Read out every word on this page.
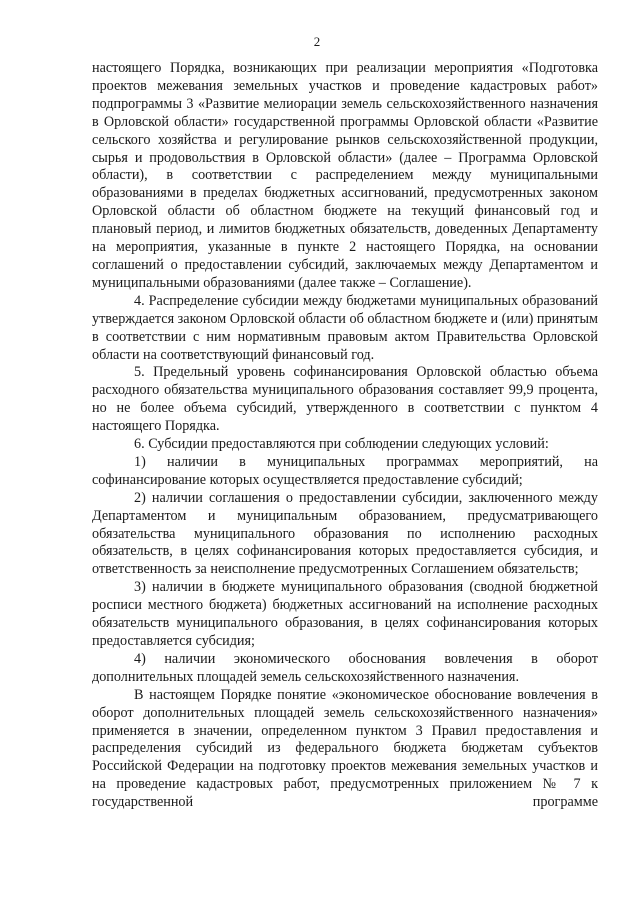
2

настоящего Порядка, возникающих при реализации мероприятия «Подготовка проектов межевания земельных участков и проведение кадастровых работ» подпрограммы 3 «Развитие мелиорации земель сельскохозяйственного назначения в Орловской области» государственной программы Орловской области «Развитие сельского хозяйства и регулирование рынков сельскохозяйственной продукции, сырья и продовольствия в Орловской области» (далее – Программа Орловской области), в соответствии с распределением между муниципальными образованиями в пределах бюджетных ассигнований, предусмотренных законом Орловской области об областном бюджете на текущий финансовый год и плановый период, и лимитов бюджетных обязательств, доведенных Департаменту на мероприятия, указанные в пункте 2 настоящего Порядка, на основании соглашений о предоставлении субсидий, заключаемых между Департаментом и муниципальными образованиями (далее также – Соглашение).

4. Распределение субсидии между бюджетами муниципальных образований утверждается законом Орловской области об областном бюджете и (или) принятым в соответствии с ним нормативным правовым актом Правительства Орловской области на соответствующий финансовый год.

5. Предельный уровень софинансирования Орловской областью объема расходного обязательства муниципального образования составляет 99,9 процента, но не более объема субсидий, утвержденного в соответствии с пунктом 4 настоящего Порядка.

6. Субсидии предоставляются при соблюдении следующих условий:

1) наличии в муниципальных программах мероприятий, на софинансирование которых осуществляется предоставление субсидий;

2) наличии соглашения о предоставлении субсидии, заключенного между Департаментом и муниципальным образованием, предусматривающего обязательства муниципального образования по исполнению расходных обязательств, в целях софинансирования которых предоставляется субсидия, и ответственность за неисполнение предусмотренных Соглашением обязательств;

3) наличии в бюджете муниципального образования (сводной бюджетной росписи местного бюджета) бюджетных ассигнований на исполнение расходных обязательств муниципального образования, в целях софинансирования которых предоставляется субсидия;

4) наличии экономического обоснования вовлечения в оборот дополнительных площадей земель сельскохозяйственного назначения.

В настоящем Порядке понятие «экономическое обоснование вовлечения в оборот дополнительных площадей земель сельскохозяйственного назначения» применяется в значении, определенном пунктом 3 Правил предоставления и распределения субсидий из федерального бюджета бюджетам субъектов Российской Федерации на подготовку проектов межевания земельных участков и на проведение кадастровых работ, предусмотренных приложением № 7 к государственной программе
